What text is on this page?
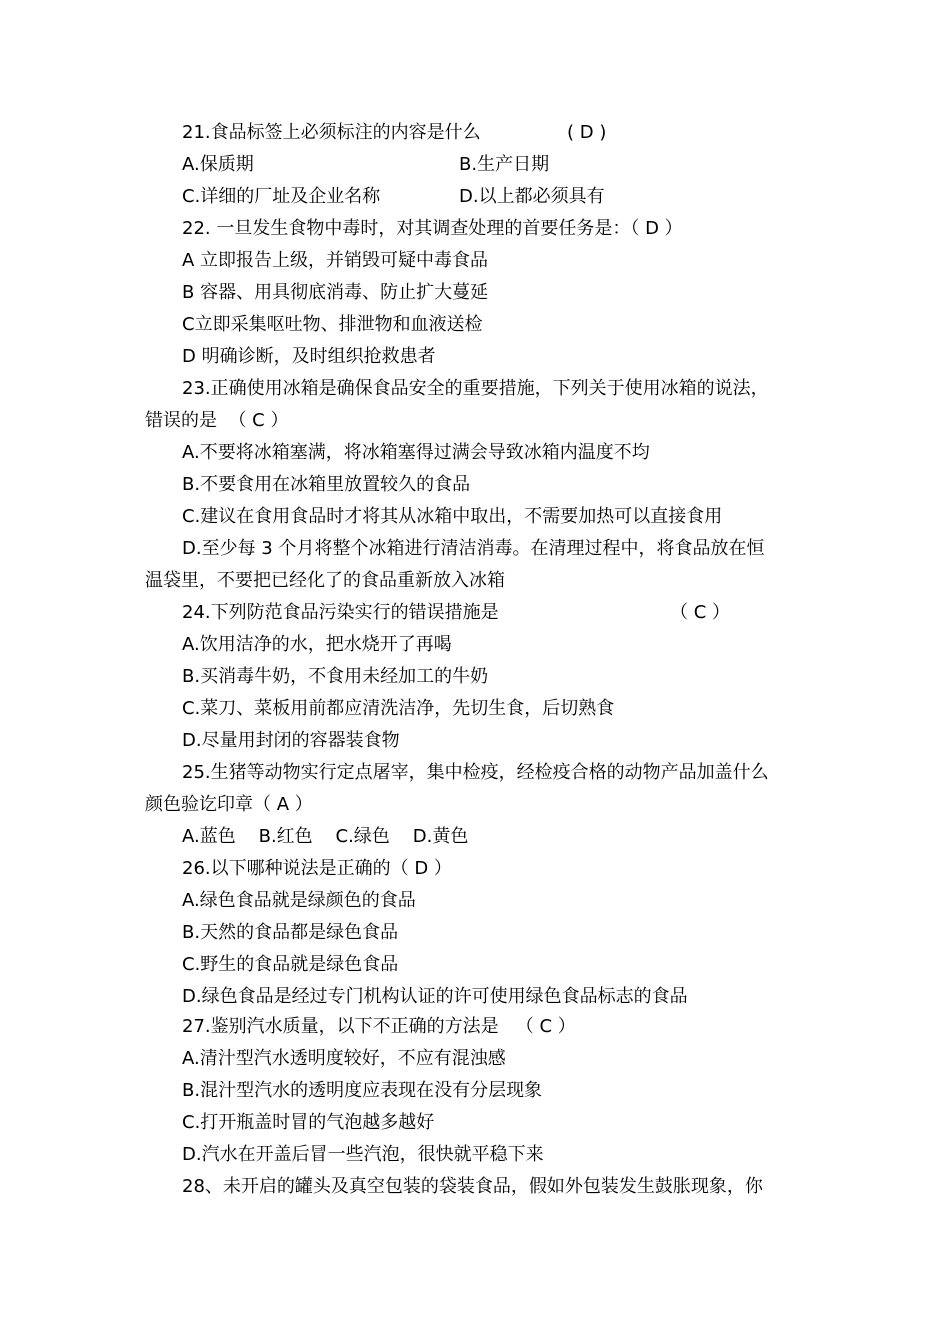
21.食品标签上必须标注的内容是什么	( D )
A.保质期	B.生产日期
C.详细的厂址及企业名称	D.以上都必须具有
22. 一旦发生食物中毒时，对其调查处理的首要任务是：（ D ）
A 立即报告上级，并销毁可疑中毒食品
B 容器、用具彻底消毒、防止扩大蔓延
C立即采集呕吐物、排泄物和血液送检
D 明确诊断，及时组织抢救患者
23.正确使用冰箱是确保食品安全的重要措施，下列关于使用冰箱的说法，
错误的是  （ C ）
A.不要将冰箱塞满，将冰箱塞得过满会导致冰箱内温度不均
B.不要食用在冰箱里放置较久的食品
C.建议在食用食品时才将其从冰箱中取出，不需要加热可以直接食用
D.至少每 3 个月将整个冰箱进行清洁消毒。在清理过程中，将食品放在恒
温袋里，不要把已经化了的食品重新放入冰箱
24.下列防范食品污染实行的错误措施是	（ C ）
A.饮用洁净的水，把水烧开了再喝
B.买消毒牛奶，不食用未经加工的牛奶
C.菜刀、菜板用前都应清洗洁净，先切生食，后切熟食
D.尽量用封闭的容器装食物
25.生猪等动物实行定点屠宰，集中检疫，经检疫合格的动物产品加盖什么
颜色验讫印章（ A ）
A.蓝色    B.红色    C.绿色    D.黄色
26.以下哪种说法是正确的（ D ）
A.绿色食品就是绿颜色的食品
B.天然的食品都是绿色食品
C.野生的食品就是绿色食品
D.绿色食品是经过专门机构认证的许可使用绿色食品标志的食品
27.鉴别汽水质量，以下不正确的方法是   （ C ）
A.清汁型汽水透明度较好，不应有混浊感
B.混汁型汽水的透明度应表现在没有分层现象
C.打开瓶盖时冒的气泡越多越好
D.汽水在开盖后冒一些汽泡，很快就平稳下来
28、未开启的罐头及真空包装的袋装食品，假如外包装发生鼓胀现象，你
